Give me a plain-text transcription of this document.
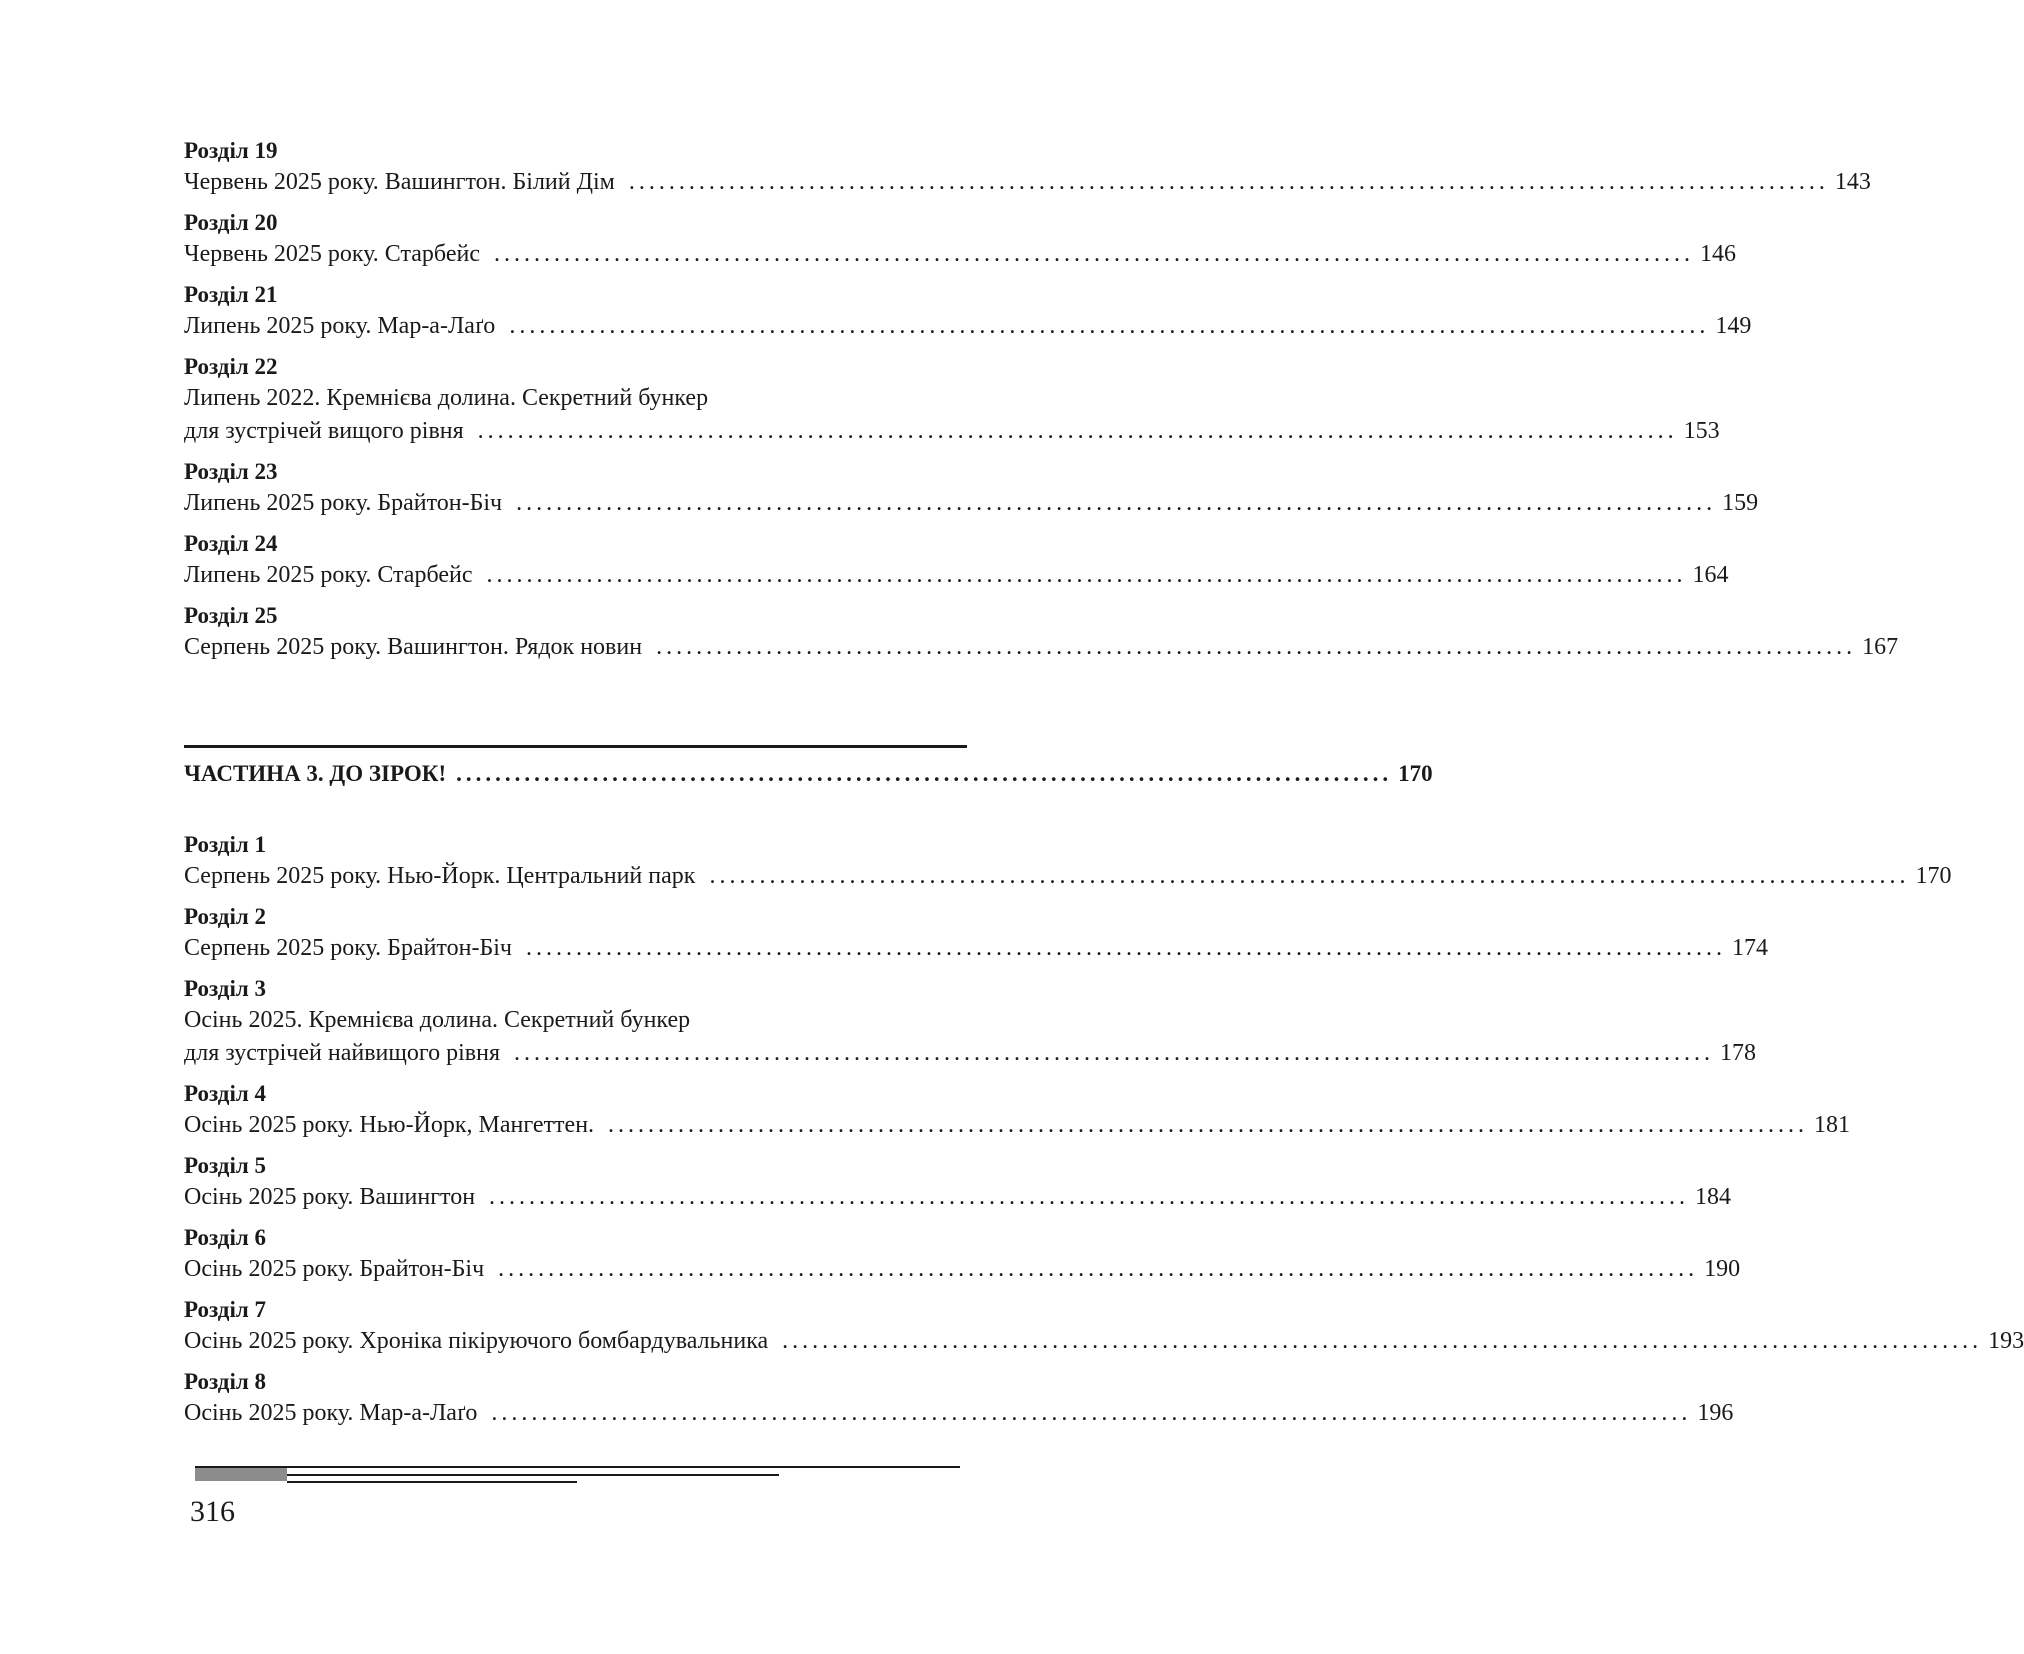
Розділ 19
Червень 2025 року. Вашингтон. Білий Дім ........................................................................................................................ 143
Розділ 20
Червень 2025 року. Старбейс ........................................................................................................................ 146
Розділ 21
Липень 2025 року. Мар-а-Лаґо ........................................................................................................................ 149
Розділ 22
Липень 2022. Кремнієва долина. Секретний бункер
для зустрічей вищого рівня ........................................................................................................................ 153
Розділ 23
Липень 2025 року. Брайтон-Біч ........................................................................................................................ 159
Розділ 24
Липень 2025 року. Старбейс ........................................................................................................................ 164
Розділ 25
Серпень 2025 року. Вашингтон. Рядок новин ........................................................................................................................ 167
ЧАСТИНА 3. ДО ЗІРОК! ................................................................................................ 170
Розділ 1
Серпень 2025 року. Нью-Йорк. Центральний парк ........................................................................................................................ 170
Розділ 2
Серпень 2025 року. Брайтон-Біч ........................................................................................................................ 174
Розділ 3
Осінь 2025. Кремнієва долина. Секретний бункер
для зустрічей найвищого рівня ........................................................................................................................ 178
Розділ 4
Осінь 2025 року. Нью-Йорк, Мангеттен. ........................................................................................................................ 181
Розділ 5
Осінь 2025 року. Вашингтон ........................................................................................................................ 184
Розділ 6
Осінь 2025 року. Брайтон-Біч ........................................................................................................................ 190
Розділ 7
Осінь 2025 року. Хроніка пікіруючого бомбардувальника ........................................................................................................................ 193
Розділ 8
Осінь 2025 року. Мар-а-Лаґо ........................................................................................................................ 196
316
